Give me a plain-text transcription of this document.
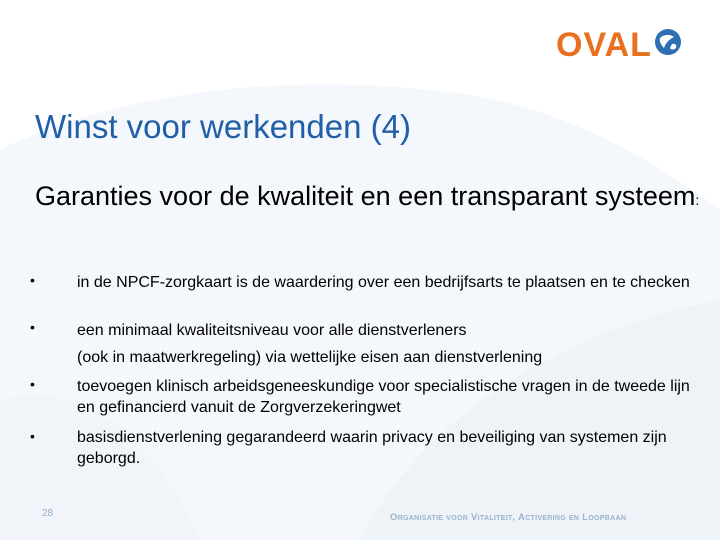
OVAL
Winst voor werkenden (4)

Garanties voor de kwaliteit en een transparant systeem:

•
•
•
•
in de NPCF-zorgkaart is de waardering over een bedrijfsarts te plaatsen en te checken
een minimaal kwaliteitsniveau voor alle dienstverleners
(ook in maatwerkregeling) via wettelijke eisen aan dienstverlening
toevoegen klinisch arbeidsgeneeskundige voor specialistische vragen in de tweede lijn en gefinancierd vanuit de Zorgverzekeringwet
basisdienstverlening gegarandeerd waarin privacy en beveiliging van systemen zijn geborgd.
28	Organisatie voor Vitaliteit, Activering en Loopbaan
